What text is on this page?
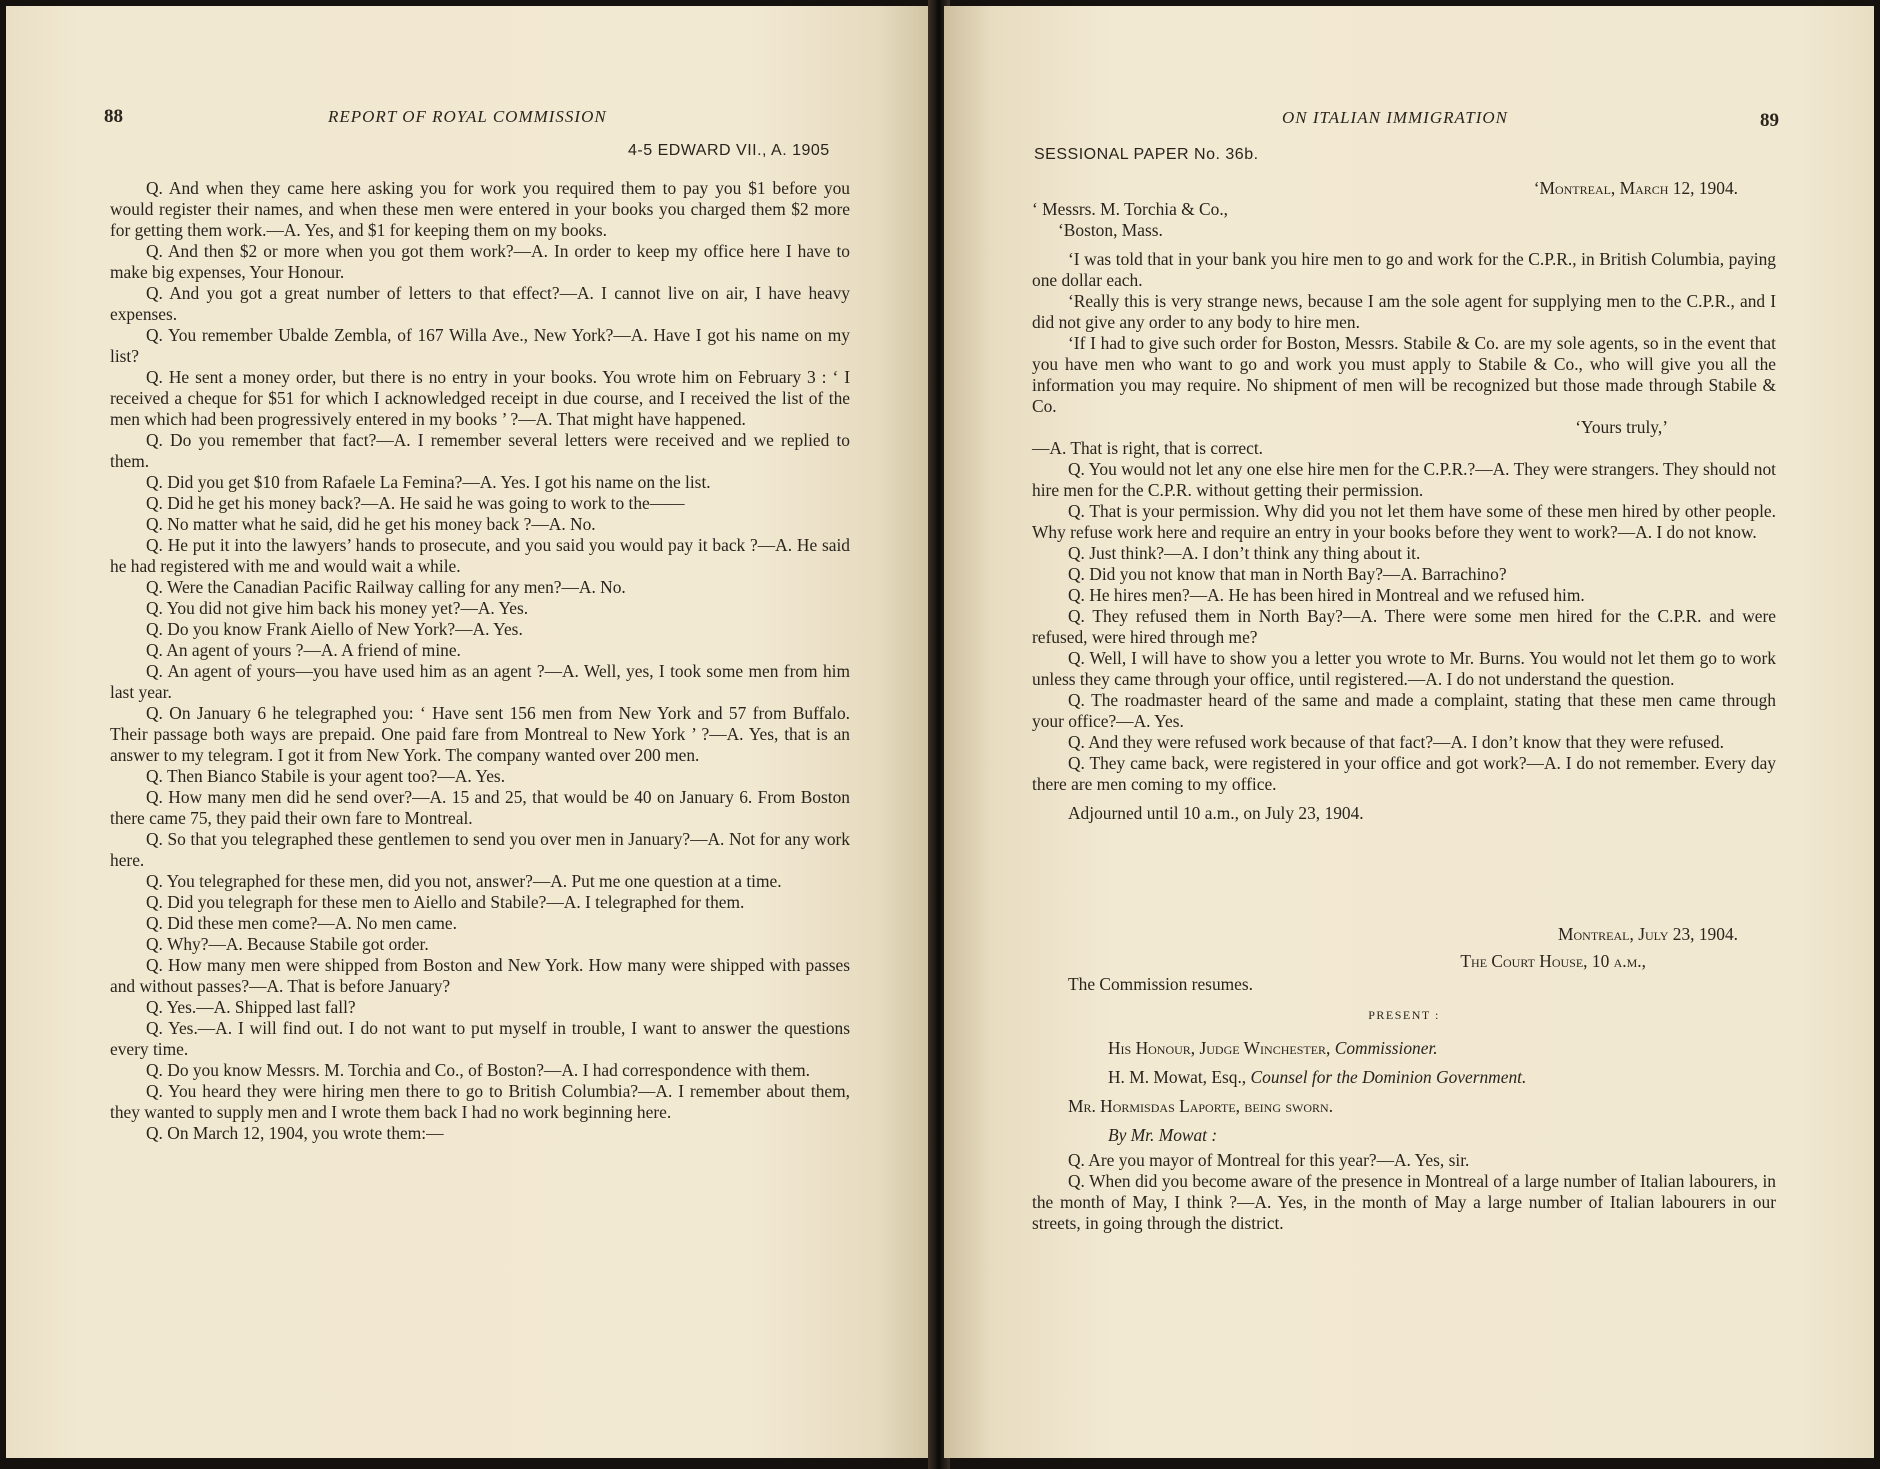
88	REPORT OF ROYAL COMMISSION
4-5 EDWARD VII., A. 1905

Q. And when they came here asking you for work you required them to pay you $1 before you would register their names, and when these men were entered in your books you charged them $2 more for getting them work.—A. Yes, and $1 for keeping them on my books.

Q. And then $2 or more when you got them work?—A. In order to keep my office here I have to make big expenses, Your Honour.

Q. And you got a great number of letters to that effect?—A. I cannot live on air, I have heavy expenses.

Q. You remember Ubalde Zembla, of 167 Willa Ave., New York?—A. Have I got his name on my list?

Q. He sent a money order, but there is no entry in your books. You wrote him on February 3 : ‘ I received a cheque for $51 for which I acknowledged receipt in due course, and I received the list of the men which had been progressively entered in my books ’ ?—A. That might have happened.

Q. Do you remember that fact?—A. I remember several letters were received and we replied to them.

Q. Did you get $10 from Rafaele La Femina?—A. Yes. I got his name on the list.

Q. Did he get his money back?—A. He said he was going to work to the——

Q. No matter what he said, did he get his money back ?—A. No.

Q. He put it into the lawyers’ hands to prosecute, and you said you would pay it back ?—A. He said he had registered with me and would wait a while.

Q. Were the Canadian Pacific Railway calling for any men?—A. No.

Q. You did not give him back his money yet?—A. Yes.

Q. Do you know Frank Aiello of New York?—A. Yes.

Q. An agent of yours ?—A. A friend of mine.

Q. An agent of yours—you have used him as an agent ?—A. Well, yes, I took some men from him last year.

Q. On January 6 he telegraphed you: ‘ Have sent 156 men from New York and 57 from Buffalo. Their passage both ways are prepaid. One paid fare from Montreal to New York ’ ?—A. Yes, that is an answer to my telegram. I got it from New York. The company wanted over 200 men.

Q. Then Bianco Stabile is your agent too?—A. Yes.

Q. How many men did he send over?—A. 15 and 25, that would be 40 on January 6. From Boston there came 75, they paid their own fare to Montreal.

Q. So that you telegraphed these gentlemen to send you over men in January?—A. Not for any work here.

Q. You telegraphed for these men, did you not, answer?—A. Put me one question at a time.

Q. Did you telegraph for these men to Aiello and Stabile?—A. I telegraphed for them.

Q. Did these men come?—A. No men came.

Q. Why?—A. Because Stabile got order.

Q. How many men were shipped from Boston and New York. How many were shipped with passes and without passes?—A. That is before January?

Q. Yes.—A. Shipped last fall?

Q. Yes.—A. I will find out. I do not want to put myself in trouble, I want to answer the questions every time.

Q. Do you know Messrs. M. Torchia and Co., of Boston?—A. I had correspondence with them.

Q. You heard they were hiring men there to go to British Columbia?—A. I remember about them, they wanted to supply men and I wrote them back I had no work beginning here.

Q. On March 12, 1904, you wrote them:—

ON ITALIAN IMMIGRATION	89
SESSIONAL PAPER No. 36b.

‘Montreal, March 12, 1904.

‘ Messrs. M. Torchia & Co.,

‘Boston, Mass.

‘I was told that in your bank you hire men to go and work for the C.P.R., in British Columbia, paying one dollar each.

‘Really this is very strange news, because I am the sole agent for supplying men to the C.P.R., and I did not give any order to any body to hire men.

‘If I had to give such order for Boston, Messrs. Stabile & Co. are my sole agents, so in the event that you have men who want to go and work you must apply to Stabile & Co., who will give you all the information you may require. No shipment of men will be recognized but those made through Stabile & Co.

‘Yours truly,’

—A. That is right, that is correct.

Q. You would not let any one else hire men for the C.P.R.?—A. They were strangers. They should not hire men for the C.P.R. without getting their permission.

Q. That is your permission. Why did you not let them have some of these men hired by other people. Why refuse work here and require an entry in your books before they went to work?—A. I do not know.

Q. Just think?—A. I don’t think any thing about it.

Q. Did you not know that man in North Bay?—A. Barrachino?

Q. He hires men?—A. He has been hired in Montreal and we refused him.

Q. They refused them in North Bay?—A. There were some men hired for the C.P.R. and were refused, were hired through me?

Q. Well, I will have to show you a letter you wrote to Mr. Burns. You would not let them go to work unless they came through your office, until registered.—A. I do not understand the question.

Q. The roadmaster heard of the same and made a complaint, stating that these men came through your office?—A. Yes.

Q. And they were refused work because of that fact?—A. I don’t know that they were refused.

Q. They came back, were registered in your office and got work?—A. I do not remember. Every day there are men coming to my office.

Adjourned until 10 a.m., on July 23, 1904.

Montreal, July 23, 1904.

The Court House, 10 a.m.,

The Commission resumes.

PRESENT :

His Honour, Judge Winchester, Commissioner.

H. M. Mowat, Esq., Counsel for the Dominion Government.

Mr. Hormisdas Laporte, being sworn.

By Mr. Mowat :

Q. Are you mayor of Montreal for this year?—A. Yes, sir.

Q. When did you become aware of the presence in Montreal of a large number of Italian labourers, in the month of May, I think ?—A. Yes, in the month of May a large number of Italian labourers in our streets, in going through the district.
